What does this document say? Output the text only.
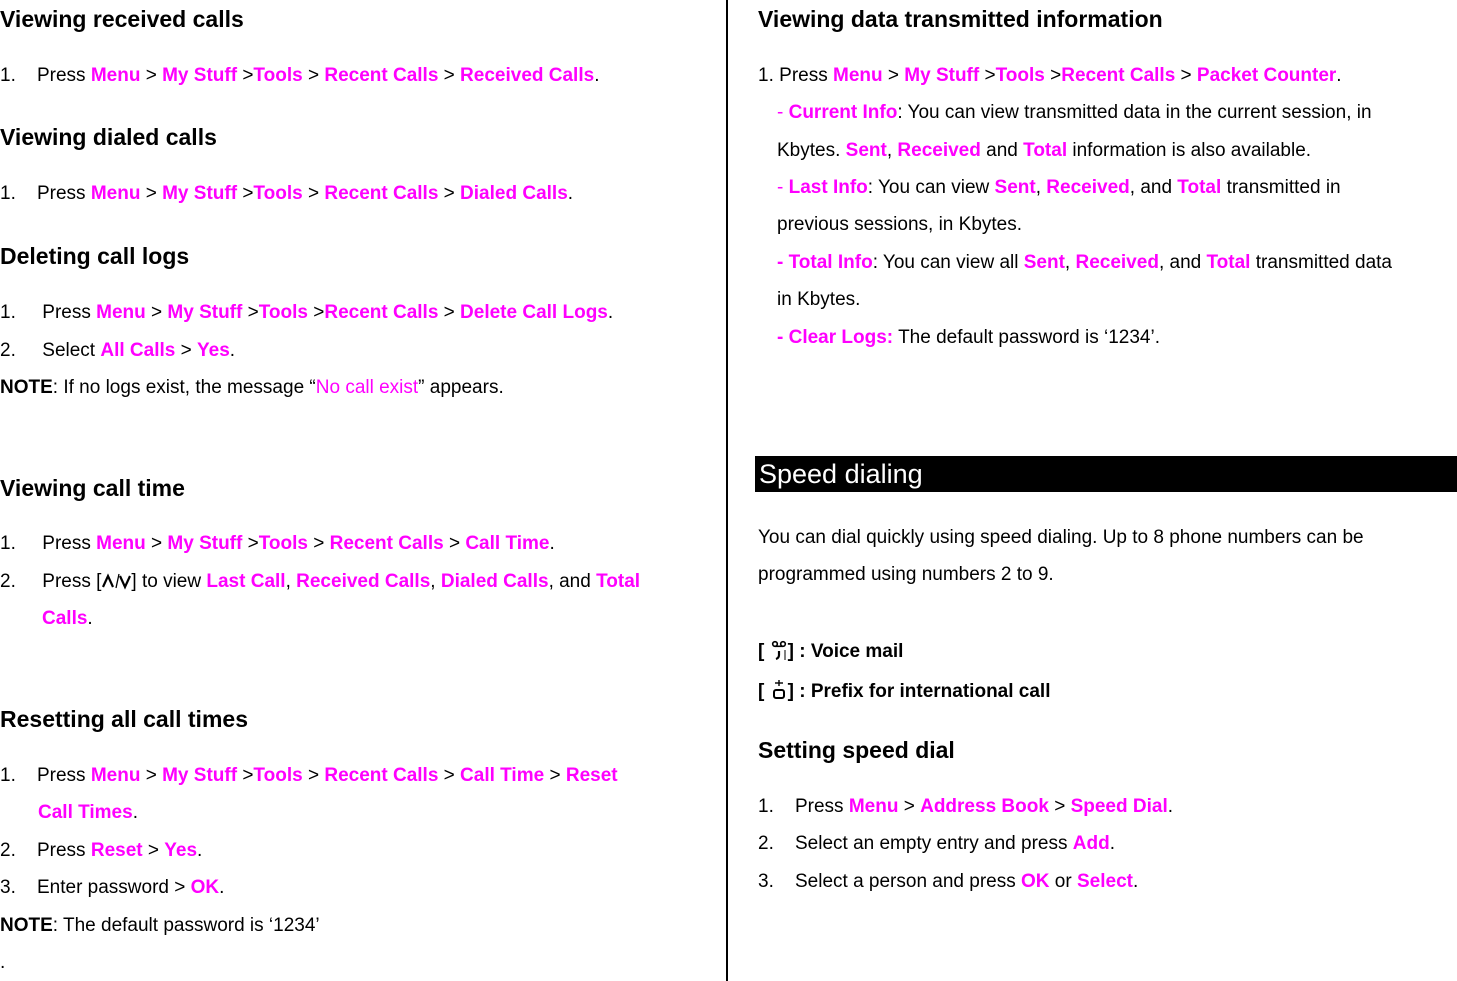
Viewing received calls
1. Press Menu > My Stuff >Tools > Recent Calls > Received Calls.
Viewing dialed calls
1. Press Menu > My Stuff >Tools > Recent Calls > Dialed Calls.
Deleting call logs
1. Press Menu > My Stuff >Tools >Recent Calls > Delete Call Logs.
2. Select All Calls > Yes.
NOTE: If no logs exist, the message “No call exist” appears.
Viewing call time
1. Press Menu > My Stuff >Tools > Recent Calls > Call Time.
2. Press [ ] to view Last Call, Received Calls, Dialed Calls, and Total
Calls.
Resetting all call times
1. Press Menu > My Stuff >Tools > Recent Calls > Call Time > Reset
Call Times.
2. Press Reset > Yes.
3. Enter password > OK.
NOTE: The default password is ‘1234’
.
Viewing data transmitted information
1. Press Menu > My Stuff >Tools >Recent Calls > Packet Counter.
- Current Info: You can view transmitted data in the current session, in
Kbytes. Sent, Received and Total information is also available.
- Last Info: You can view Sent, Received, and Total transmitted in
previous sessions, in Kbytes.
- Total Info: You can view all Sent, Received, and Total transmitted data
in Kbytes.
- Clear Logs: The default password is ‘1234’.
You can dial quickly using speed dialing. Up to 8 phone numbers can be
programmed using numbers 2 to 9.
[ ] : Voice mail
[ ] : Prefix for international call
Setting speed dial
1. Press Menu > Address Book > Speed Dial.
2. Select an empty entry and press Add.
3. Select a person and press OK or Select.
Speed dialing
